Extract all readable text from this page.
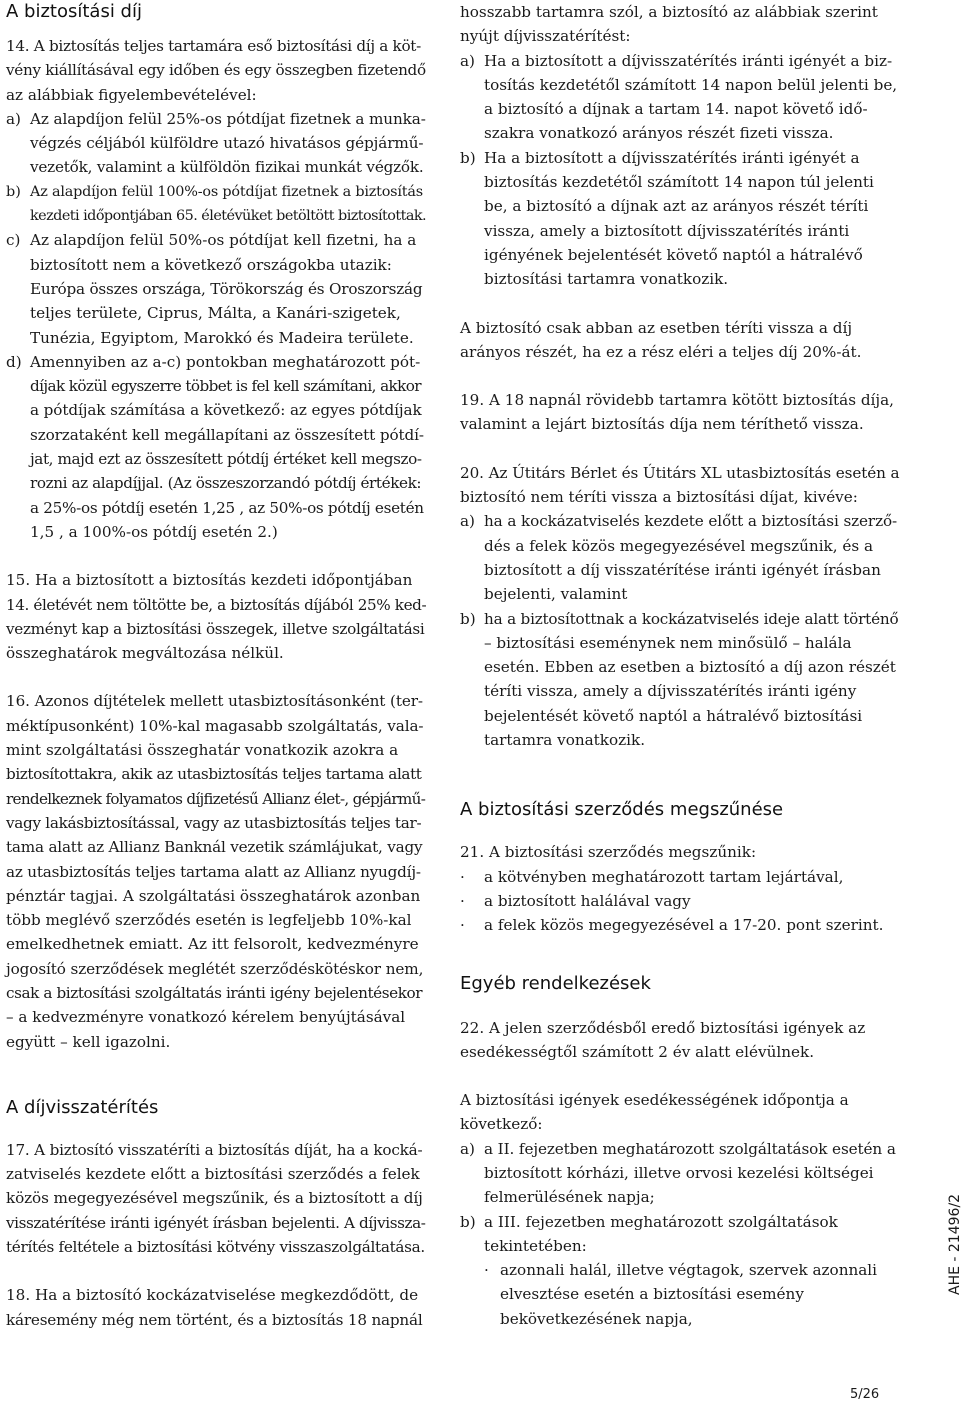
A biztosítási díj
14. A biztosítás teljes tartamára eső biztosítási díj a köt-
vény kiállításával egy időben és egy összegben fizetendő
az alábbiak figyelembevételével:
a) Az alapdíjon felül 25%-os pótdíjat fizetnek a munka-
végzés céljából külföldre utazó hivatásos gépjármű-
vezetők, valamint a külföldön fizikai munkát végzők.
b) Az alapdíjon felül 100%-os pótdíjat fizetnek a biztosítás
kezdeti időpontjában 65. életévüket betöltött biztosítottak.
c) Az alapdíjon felül 50%-os pótdíjat kell fizetni, ha a
biztosított nem a következő országokba utazik:
Európa összes országa, Törökország és Oroszország
teljes területe, Ciprus, Málta, a Kanári-szigetek,
Tunézia, Egyiptom, Marokkó és Madeira területe.
d) Amennyiben az a-c) pontokban meghatározott pót-
díjak közül egyszerre többet is fel kell számítani, akkor
a pótdíjak számítása a következő: az egyes pótdíjak
szorzataként kell megállapítani az összesített pótdí-
jat, majd ezt az összesített pótdíj értéket kell megszo-
rozni az alapdíjjal. (Az összeszorzandó pótdíj értékek:
a 25%-os pótdíj esetén 1,25 , az 50%-os pótdíj esetén
1,5 , a 100%-os pótdíj esetén 2.)
15. Ha a biztosított a biztosítás kezdeti időpontjában
14. életévét nem töltötte be, a biztosítás díjából 25% ked-
vezményt kap a biztosítási összegek, illetve szolgáltatási
összeghatárok megváltozása nélkül.
16. Azonos díjtételek mellett utasbiztosításonként (ter-
méktípusonként) 10%-kal magasabb szolgáltatás, vala-
mint szolgáltatási összeghatár vonatkozik azokra a
biztosítottakra, akik az utasbiztosítás teljes tartama alatt
rendelkeznek folyamatos díjfizetésű Allianz élet-, gépjármű-
vagy lakásbiztosítással, vagy az utasbiztosítás teljes tar-
tama alatt az Allianz Banknál vezetik számlájukat, vagy
az utasbiztosítás teljes tartama alatt az Allianz nyugdíj-
pénztár tagjai. A szolgáltatási összeghatárok azonban
több meglévő szerződés esetén is legfeljebb 10%-kal
emelkedhetnek emiatt. Az itt felsorolt, kedvezményre
jogosító szerződések meglétét szerződéskötéskor nem,
csak a biztosítási szolgáltatás iránti igény bejelentésekor
– a kedvezményre vonatkozó kérelem benyújtásával
együtt – kell igazolni.
A díjvisszatérítés
17. A biztosító visszatéríti a biztosítás díját, ha a kocká-
zatviselés kezdete előtt a biztosítási szerződés a felek
közös megegyezésével megszűnik, és a biztosított a díj
visszatérítése iránti igényét írásban bejelenti. A díjvissza-
térítés feltétele a biztosítási kötvény visszaszolgáltatása.
18. Ha a biztosító kockázatviselése megkezdődött, de
káresemény még nem történt, és a biztosítás 18 napnál
hosszabb tartamra szól, a biztosító az alábbiak szerint
nyújt díjvisszatérítést:
a) Ha a biztosított a díjvisszatérítés iránti igényét a biz-
tosítás kezdetétől számított 14 napon belül jelenti be,
a biztosító a díjnak a tartam 14. napot követő idő-
szakra vonatkozó arányos részét fizeti vissza.
b) Ha a biztosított a díjvisszatérítés iránti igényét a
biztosítás kezdetétől számított 14 napon túl jelenti
be, a biztosító a díjnak azt az arányos részét téríti
vissza, amely a biztosított díjvisszatérítés iránti
igényének bejelentését követő naptól a hátralévő
biztosítási tartamra vonatkozik.
A biztosító csak abban az esetben téríti vissza a díj
arányos részét, ha ez a rész eléri a teljes díj 20%-át.
19. A 18 napnál rövidebb tartamra kötött biztosítás díja,
valamint a lejárt biztosítás díja nem téríthető vissza.
20. Az Útitárs Bérlet és Útitárs XL utasbiztosítás esetén a
biztosító nem téríti vissza a biztosítási díjat, kivéve:
a) ha a kockázatviselés kezdete előtt a biztosítási szerző-
dés a felek közös megegyezésével megszűnik, és a
biztosított a díj visszatérítése iránti igényét írásban
bejelenti, valamint
b) ha a biztosítottnak a kockázatviselés ideje alatt történő
– biztosítási eseménynek nem minősülő – halála
esetén. Ebben az esetben a biztosító a díj azon részét
téríti vissza, amely a díjvisszatérítés iránti igény
bejelentését követő naptól a hátralévő biztosítási
tartamra vonatkozik.
A biztosítási szerződés megszűnése
21. A biztosítási szerződés megszűnik:
· a kötvényben meghatározott tartam lejártával,
· a biztosított halálával vagy
· a felek közös megegyezésével a 17-20. pont szerint.
Egyéb rendelkezések
22. A jelen szerződésből eredő biztosítási igények az
esedékességtől számított 2 év alatt elévülnek.
A biztosítási igények esedékességének időpontja a
következő:
a) a II. fejezetben meghatározott szolgáltatások esetén a
biztosított kórházi, illetve orvosi kezelési költségei
felmerülésének napja;
b) a III. fejezetben meghatározott szolgáltatások
tekintetében:
· azonnali halál, illetve végtagok, szervek azonnali
elvesztése esetén a biztosítási esemény
bekövetkezésének napja,
AHE - 21496/2
5/26
